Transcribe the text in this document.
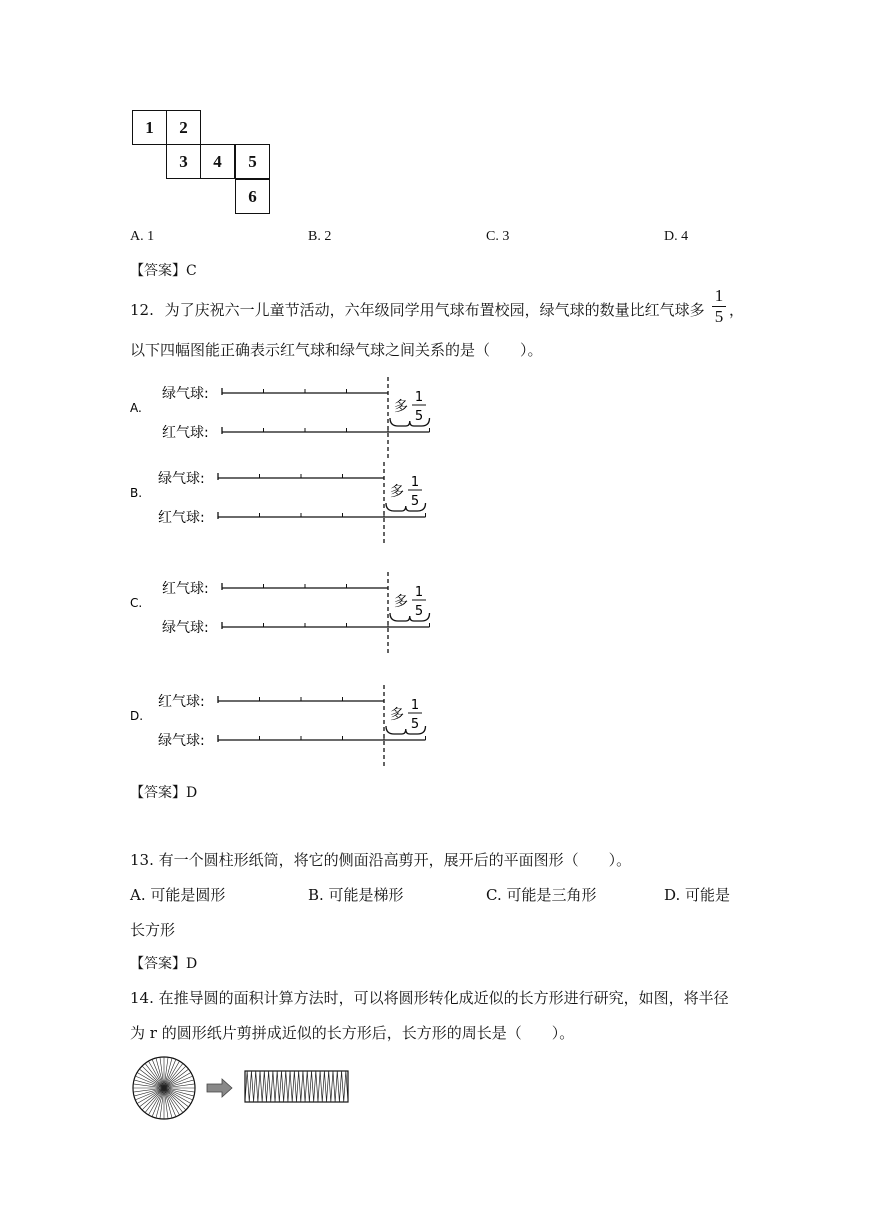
1	2
3	4	5
6
A. 1	B. 2	C. 3	D. 4
【答案】C
12. 为了庆祝六一儿童节活动，六年级同学用气球布置校园，绿气球的数量比红气球多
1
5 ，
以下四幅图能正确表示红气球和绿气球之间关系的是（　　）。
A.
绿气球:
红气球:
多
1
5
B.
绿气球:
红气球:
多
1
5
C.
红气球:
绿气球:
多
1
5
D.
红气球:
绿气球:
多
1
5
【答案】D
13. 有一个圆柱形纸筒，将它的侧面沿高剪开，展开后的平面图形（　　）。
A. 可能是圆形	B. 可能是梯形	C. 可能是三角形	D. 可能是
长方形
【答案】D
14. 在推导圆的面积计算方法时，可以将圆形转化成近似的长方形进行研究，如图，将半径
为 r 的圆形纸片剪拼成近似的长方形后，长方形的周长是（　　）。
